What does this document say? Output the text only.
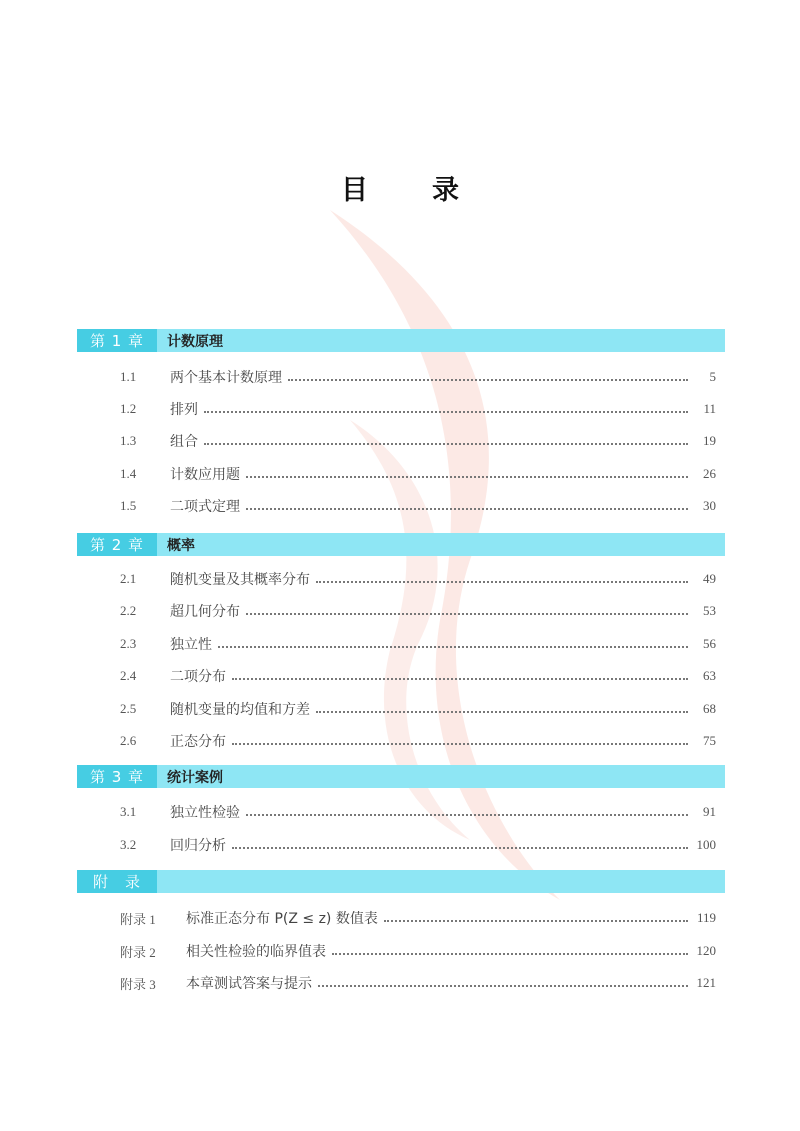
目 录
第 1 章	计数原理
1.1	两个基本计数原理	5
1.2	排列	11
1.3	组合	19
1.4	计数应用题	26
1.5	二项式定理	30
第 2 章	概率
2.1	随机变量及其概率分布	49
2.2	超几何分布	53
2.3	独立性	56
2.4	二项分布	63
2.5	随机变量的均值和方差	68
2.6	正态分布	75
第 3 章	统计案例
3.1	独立性检验	91
3.2	回归分析	100
附　录
附录 1	标准正态分布 P(Z ≤ z) 数值表	119
附录 2	相关性检验的临界值表	120
附录 3	本章测试答案与提示	121
